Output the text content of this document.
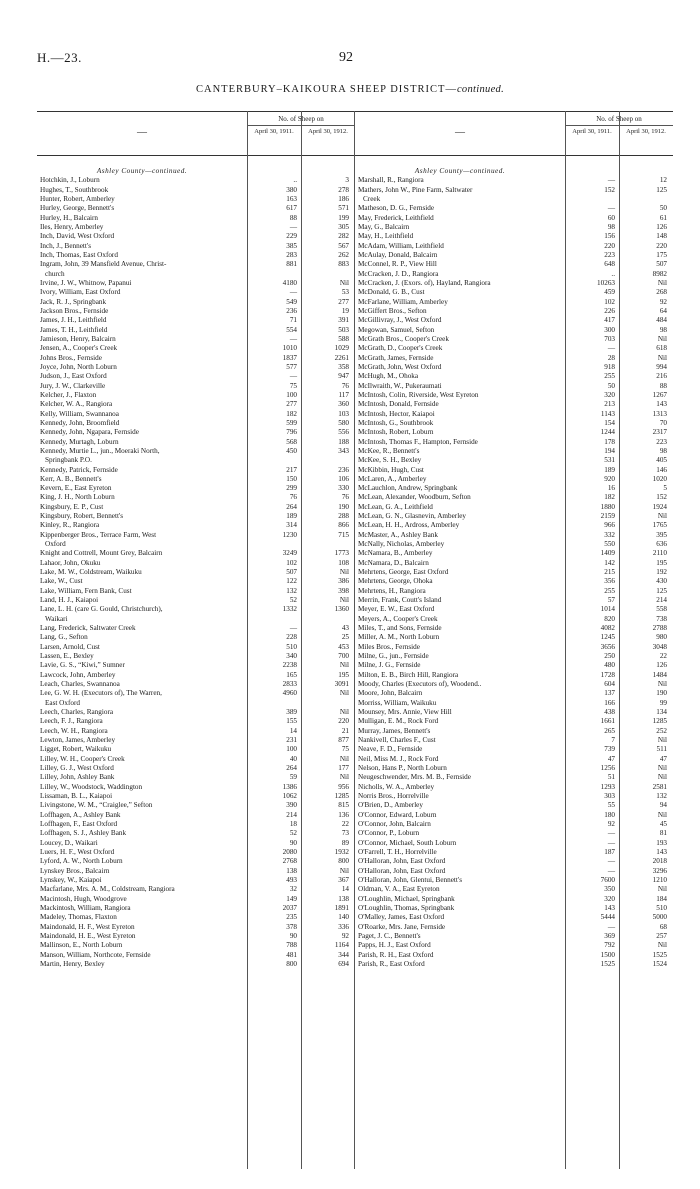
H.—23.	92
CANTERBURY–KAIKOURA SHEEP DISTRICT—continued.
—
No. of Sheep on
April 30, 1911.	April 30, 1912.
Ashley County—continued.
Hotchkin, J., Loburn	..	3
Hughes, T., Southbrook	380	278
Hunter, Robert, Amberley	163	186
Hurley, George, Bennett's	617	571
Hurley, H., Balcairn	88	199
Iles, Henry, Amberley	—	305
Inch, David, West Oxford	229	282
Inch, J., Bennett's	385	567
Inch, Thomas, East Oxford	283	262
Ingram, John, 39 Mansfield Avenue, Christ-	881	883
church
Irvine, J. W., Whitnow, Papanui	4180	Nil
Ivory, William, East Oxford	—	53
Jack, R. J., Springbank	549	277
Jackson Bros., Fernside	236	19
James, J. H., Leithfield	71	391
James, T. H., Leithfield	554	503
Jamieson, Henry, Balcairn	—	588
Jensen, A., Cooper's Creek	1010	1029
Johns Bros., Fernside	1837	2261
Joyce, John, North Loburn	577	358
Judson, J., East Oxford	—	947
Jury, J. W., Clarkeville	75	76
Kelcher, J., Flaxton	100	117
Kelcher, W. A., Rangiora	277	360
Kelly, William, Swannanoa	182	103
Kennedy, John, Broomfield	599	580
Kennedy, John, Ngapara, Fernside	796	556
Kennedy, Murtagh, Loburn	568	188
Kennedy, Murtie L., jun., Moeraki North,	450	343
Springbank P.O.
Kennedy, Patrick, Fernside	217	236
Kerr, A. B., Bennett's	150	106
Kevern, E., East Eyreton	299	330
King, J. H., North Loburn	76	76
Kingsbury, E. P., Cust	264	190
Kingsbury, Robert, Bennett's	189	288
Kinley, R., Rangiora	314	866
Kippenberger Bros., Terrace Farm, West	1230	715
Oxford
Knight and Cottrell, Mount Grey, Balcairn	3249	1773
Lahaor, John, Okuku	102	108
Lake, M. W., Coldstream, Waikuku	507	Nil
Lake, W., Cust	122	386
Lake, William, Fern Bank, Cust	132	398
Land, H. J., Kaiapoi	52	Nil
Lane, L. H. (care G. Gould, Christchurch),	1332	1360
Waikari
Lang, Frederick, Saltwater Creek	—	43
Lang, G., Sefton	228	25
Larsen, Arnold, Cust	510	453
Lassen, E., Bexley	340	700
Lavie, G. S., “Kiwi,” Sumner	2238	Nil
Lawcock, John, Amberley	165	195
Leach, Charles, Swannanoa	2833	3091
Lee, G. W. H. (Executors of), The Warren,	4960	Nil
East Oxford
Leech, Charles, Rangiora	389	Nil
Leech, F. J., Rangiora	155	220
Leech, W. H., Rangiora	14	21
Lewton, James, Amberley	231	877
Ligget, Robert, Waikuku	100	75
Lilley, W. H., Cooper's Creek	40	Nil
Lilley, G. J., West Oxford	264	177
Lilley, John, Ashley Bank	59	Nil
Lilley, W., Woodstock, Waddington	1386	956
Lissaman, B. L., Kaiapoi	1062	1285
Livingstone, W. M., “Craiglee,” Sefton	390	815
Loffhagen, A., Ashley Bank	214	136
Loffhagen, F., East Oxford	18	22
Loffhagen, S. J., Ashley Bank	52	73
Loucey, D., Waikari	90	89
Luers, H. F., West Oxford	2080	1932
Lyford, A. W., North Loburn	2768	800
Lynskey Bros., Balcairn	138	Nil
Lynskey, W., Kaiapoi	493	367
Macfarlane, Mrs. A. M., Coldstream, Rangiora	32	14
Macintosh, Hugh, Woodgrove	149	138
Mackintosh, William, Rangiora	2037	1891
Madeley, Thomas, Flaxton	235	140
Maindonald, H. F., West Eyreton	378	336
Maindonald, H. E., West Eyreton	90	92
Mallinson, E., North Loburn	788	1164
Manson, William, Northcote, Fernside	481	344
Martin, Henry, Bexley	800	694
—
No. of Sheep on
April 30, 1911.	April 30, 1912.
Ashley County—continued.
Marshall, R., Rangiora	—	12
Mathers, John W., Pine Farm, Saltwater	152	125
Creek
Matheson, D. G., Fernside	—	50
May, Frederick, Leithfield	60	61
May, G., Balcairn	98	126
May, H., Leithfield	156	148
McAdam, William, Leithfield	220	220
McAulay, Donald, Balcairn	223	175
McConnel, R. P., View Hill	648	507
McCracken, J. D., Rangiora	..	8982
McCracken, J. (Exors. of), Hayland, Rangiora	10263	Nil
McDonald, G. B., Cust	459	268
McFarlane, William, Amberley	102	92
McGiffert Bros., Sefton	226	64
McGillivray, J., West Oxford	417	484
Megowan, Samuel, Sefton	300	98
McGrath Bros., Cooper's Creek	703	Nil
McGrath, D., Cooper's Creek	—	618
McGrath, James, Fernside	28	Nil
McGrath, John, West Oxford	918	994
McHugh, M., Ohoka	255	216
McIlwraith, W., Pukeraumati	50	88
McIntosh, Colin, Riverside, West Eyreton	320	1267
McIntosh, Donald, Fernside	213	143
McIntosh, Hector, Kaiapoi	1143	1313
McIntosh, G., Southbrook	154	70
McIntosh, Robert, Loburn	1244	2317
McIntosh, Thomas F., Hampton, Fernside	178	223
McKee, R., Bennett's	194	98
McKee, S. H., Bexley	531	405
McKibbin, Hugh, Cust	189	146
McLaren, A., Amberley	920	1020
McLauchlon, Andrew, Springbank	16	5
McLean, Alexander, Woodburn, Sefton	182	152
McLean, G. A., Leithfield	1880	1924
McLean, G. N., Glasnevin, Amberley	2159	Nil
McLean, H. H., Ardross, Amberley	966	1765
McMaster, A., Ashley Bank	332	395
McNally, Nicholas, Amberley	550	636
McNamara, B., Amberley	1409	2110
McNamara, D., Balcairn	142	195
Mehrtens, George, East Oxford	215	192
Mehrtens, George, Ohoka	356	430
Mehrtens, H., Rangiora	255	125
Merrin, Frank, Coutt's Island	57	214
Meyer, E. W., East Oxford	1014	558
Meyers, A., Cooper's Creek	820	738
Miles, T., and Sons, Fernside	4082	2788
Miller, A. M., North Loburn	1245	980
Miles Bros., Fernside	3656	3048
Milne, G., jun., Fernside	250	22
Milne, J. G., Fernside	480	126
Milton, E. B., Birch Hill, Rangiora	1728	1484
Moody, Charles (Executors of), Woodend..	604	Nil
Moore, John, Balcairn	137	190
Morriss, William, Waikuku	166	99
Mounsey, Mrs. Annie, View Hill	438	134
Mulligan, E. M., Rock Ford	1661	1285
Murray, James, Bennett's	265	252
Nankivell, Charles F., Cust	7	Nil
Neave, F. D., Fernside	739	511
Neil, Miss M. J., Rock Ford	47	47
Nelson, Hans P., North Loburn	1256	Nil
Neugeschwender, Mrs. M. B., Fernside	51	Nil
Nicholls, W. A., Amberley	1293	2581
Norris Bros., Horrelville	303	132
O'Brien, D., Amberley	55	94
O'Connor, Edward, Loburn	180	Nil
O'Connor, John, Balcairn	92	45
O'Connor, P., Loburn	—	81
O'Connor, Michael, South Loburn	—	193
O'Farrell, T. H., Horrelville	187	143
O'Halloran, John, East Oxford	—	2018
O'Halloran, John, East Oxford	—	3296
O'Halloran, John, Glentui, Bennett's	7600	1210
Oldman, V. A., East Eyreton	350	Nil
O'Loughlin, Michael, Springbank	320	184
O'Loughlin, Thomas, Springbank	143	510
O'Malley, James, East Oxford	5444	5000
O'Roarke, Mrs. Jane, Fernside	—	68
Paget, J. C., Bennett's	369	257
Papps, H. J., East Oxford	792	Nil
Parish, R. H., East Oxford	1500	1525
Parish, R., East Oxford	1525	1524
